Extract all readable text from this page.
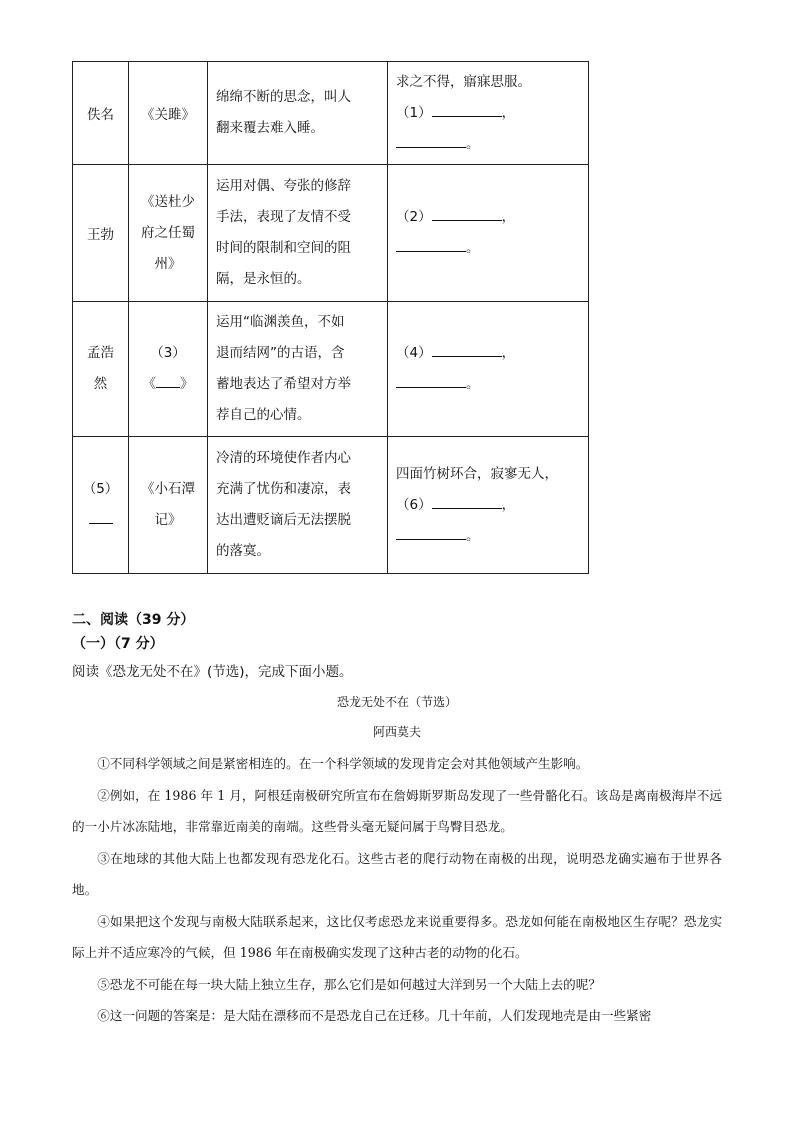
佚名	《关雎》	绵绵不断的思念，叫人
翻来覆去难入睡。	求之不得，寤寐思服。
（1） ，
。

王勃	《送杜少
府之任蜀
州》	运用对偶、夸张的修辞
手法，表现了友情不受
时间的限制和空间的阻
隔，是永恒的。	（2） ，
。

孟浩
然	（3）
《 》	运用“临渊羡鱼，不如
退而结网”的古语，含
蓄地表达了希望对方举
荐自己的心情。	（4） ，
。

（5）	《小石潭
记》	冷清的环境使作者内心
充满了忧伤和凄凉，表
达出遭贬谪后无法摆脱
的落寞。	四面竹树环合，寂寥无人，
（6） ，
。
二、阅读（39 分）
（一）（7 分）
阅读《恐龙无处不在》(节选)，完成下面小题。
恐龙无处不在（节选）
阿西莫夫

①不同科学领域之间是紧密相连的。在一个科学领域的发现肯定会对其他领域产生影响。

②例如，在 1986 年 1 月，阿根廷南极研究所宣布在詹姆斯罗斯岛发现了一些骨骼化石。该岛是离南极海岸不远的一小片冰冻陆地，非常靠近南美的南端。这些骨头毫无疑问属于鸟臀目恐龙。

③在地球的其他大陆上也都发现有恐龙化石。这些古老的爬行动物在南极的出现，说明恐龙确实遍布于世界各地。

④如果把这个发现与南极大陆联系起来，这比仅考虑恐龙来说重要得多。恐龙如何能在南极地区生存呢？恐龙实际上并不适应寒冷的气候，但 1986 年在南极确实发现了这种古老的动物的化石。

⑤恐龙不可能在每一块大陆上独立生存，那么它们是如何越过大洋到另一个大陆上去的呢？

⑥这一问题的答案是：是大陆在漂移而不是恐龙自己在迁移。几十年前，人们发现地壳是由一些紧密
